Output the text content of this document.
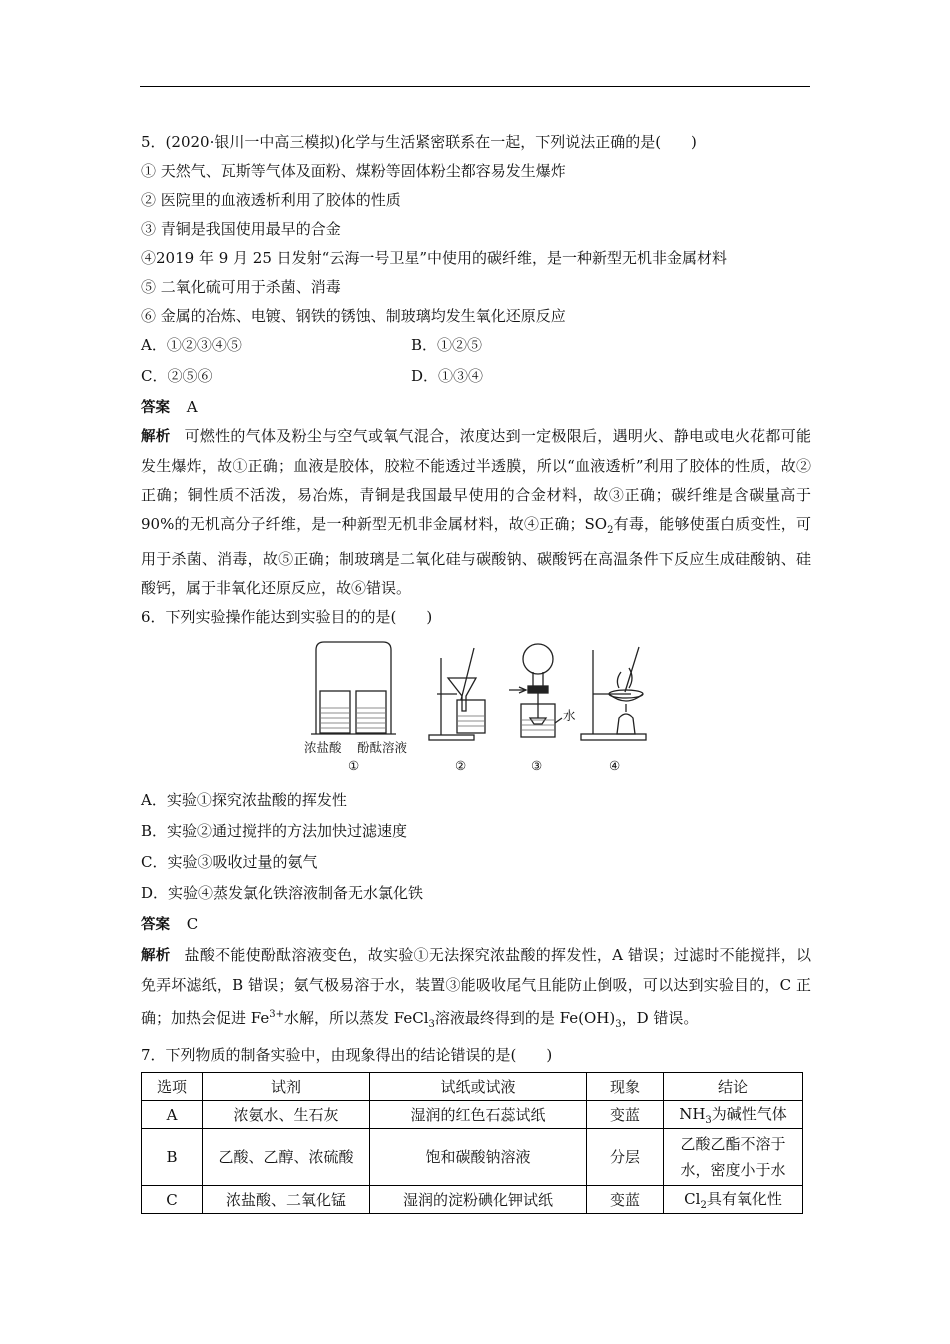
5．(2020·银川一中高三模拟)化学与生活紧密联系在一起，下列说法正确的是(　　)
① 天然气、瓦斯等气体及面粉、煤粉等固体粉尘都容易发生爆炸
② 医院里的血液透析利用了胶体的性质
③ 青铜是我国使用最早的合金
④2019 年 9 月 25 日发射“云海一号卫星”中使用的碳纤维，是一种新型无机非金属材料
⑤ 二氧化硫可用于杀菌、消毒
⑥ 金属的冶炼、电镀、钢铁的锈蚀、制玻璃均发生氧化还原反应
A．①②③④⑤	B．①②⑤
C．②⑤⑥	D．①③④
答案 A
解析 可燃性的气体及粉尘与空气或氧气混合，浓度达到一定极限后，遇明火、静电或电火花都可能发生爆炸，故①正确；血液是胶体，胶粒不能透过半透膜，所以“血液透析”利用了胶体的性质，故②正确；铜性质不活泼，易冶炼，青铜是我国最早使用的合金材料，故③正确；碳纤维是含碳量高于 90%的无机高分子纤维，是一种新型无机非金属材料，故④正确；$SO_2$有毒，能够使蛋白质变性，可用于杀菌、消毒，故⑤正确；制玻璃是二氧化硅与碳酸钠、碳酸钙在高温条件下反应生成硅酸钠、硅酸钙，属于非氧化还原反应，故⑥错误。
6．下列实验操作能达到实验目的的是(　　)
浓盐酸 酚酞溶液
水
①	②	③	④
A．实验①探究浓盐酸的挥发性
B．实验②通过搅拌的方法加快过滤速度
C．实验③吸收过量的氨气
D．实验④蒸发氯化铁溶液制备无水氯化铁
答案 C
解析 盐酸不能使酚酞溶液变色，故实验①无法探究浓盐酸的挥发性，A 错误；过滤时不能搅拌，以免弄坏滤纸，B 错误；氨气极易溶于水，装置③能吸收尾气且能防止倒吸，可以达到实验目的，C 正确；加热会促进 $Fe^{3+}$水解，所以蒸发 FeCl$_3$溶液最终得到的是 $Fe(OH)_3$，D 错误。
7．下列物质的制备实验中，由现象得出的结论错误的是(　　)
选项	试剂	试纸或试液	现象	结论
A	浓氨水、生石灰	湿润的红色石蕊试纸	变蓝	$NH_3$为碱性气体
B	乙酸、乙醇、浓硫酸	饱和碳酸钠溶液	分层	乙酸乙酯不溶于
水，密度小于水

C	浓盐酸、二氧化锰	湿润的淀粉碘化钾试纸	变蓝	$Cl_2$具有氧化性
